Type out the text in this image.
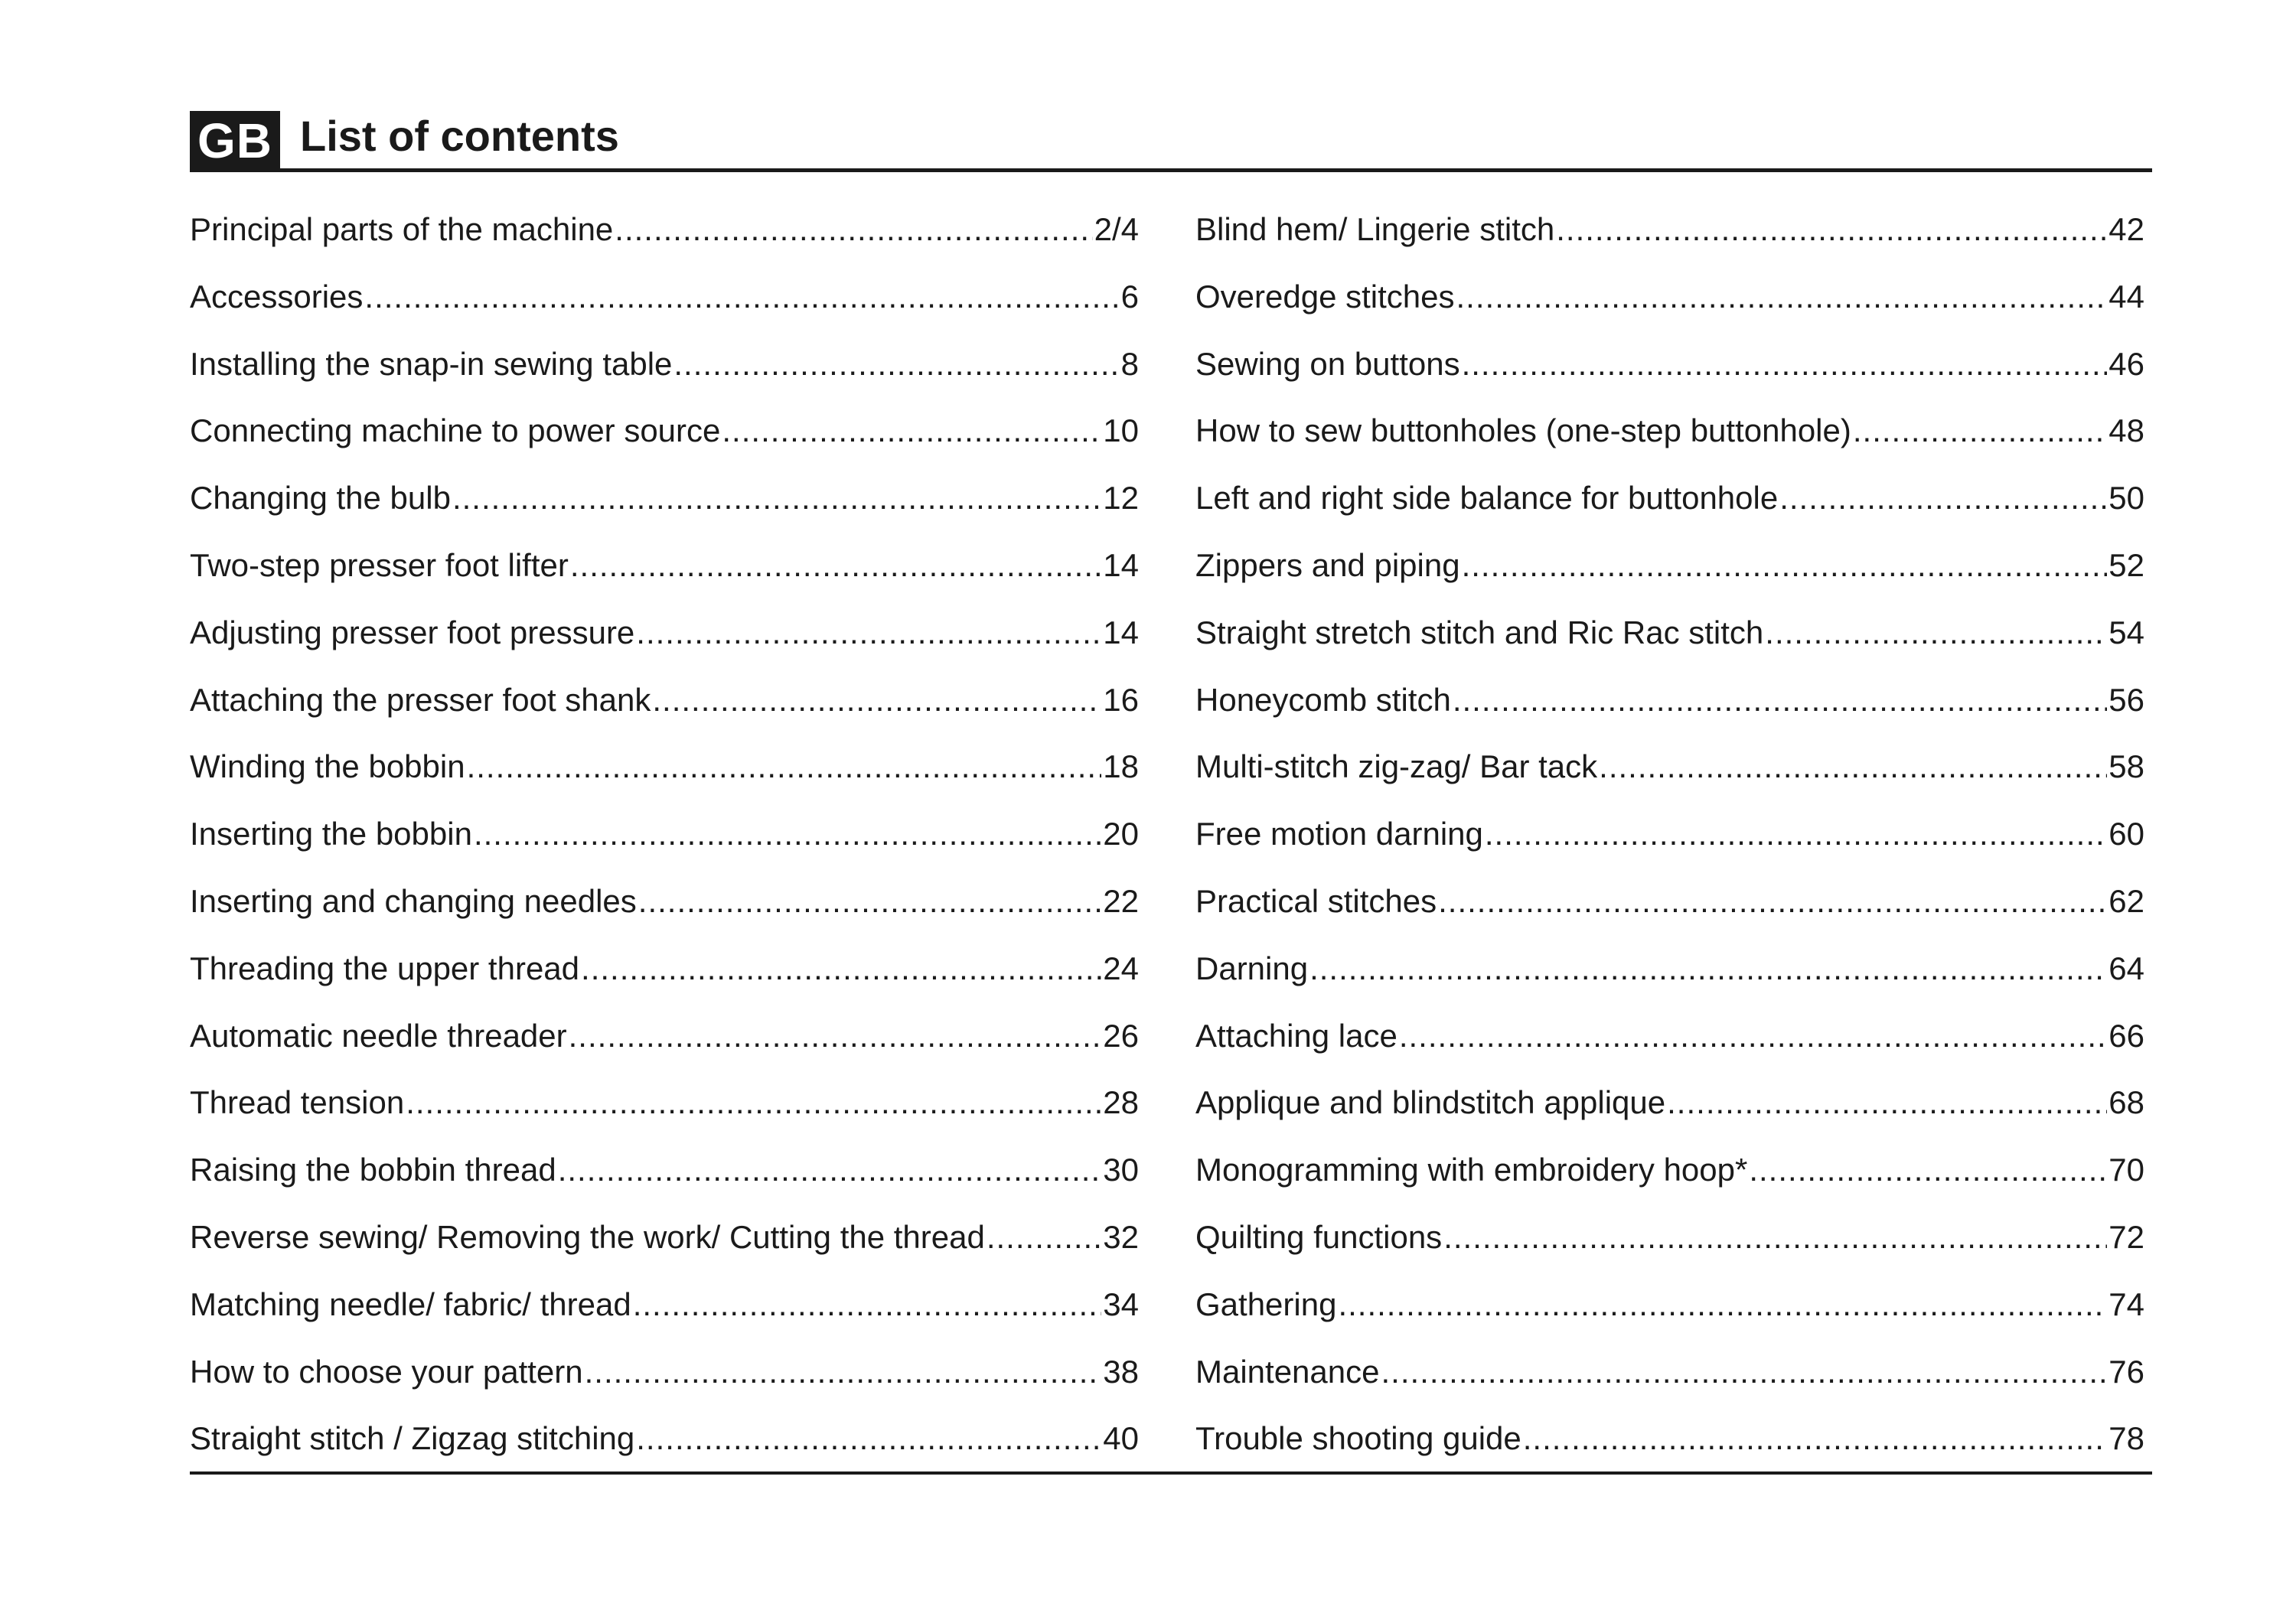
GB List of contents
Principal parts of the machine .....	2/4
Accessories .....	6
Installing the snap-in sewing table .....	8
Connecting machine to power source .....	10
Changing the bulb .....	12
Two-step presser foot lifter .....	14
Adjusting presser foot pressure .....	14
Attaching the presser foot shank .....	16
Winding the bobbin .....	18
Inserting the bobbin .....	20
Inserting and changing needles .....	22
Threading the upper thread .....	24
Automatic needle threader .....	26
Thread tension .....	28
Raising the bobbin thread .....	30
Reverse sewing/ Removing the work/ Cutting the thread .....	32
Matching needle/ fabric/ thread .....	34
How to choose your pattern .....	38
Straight stitch / Zigzag stitching .....	40
Blind hem/ Lingerie stitch .....	42
Overedge stitches .....	44
Sewing on buttons .....	46
How to sew buttonholes (one-step buttonhole) .....	48
Left and right side balance for buttonhole .....	50
Zippers and piping .....	52
Straight stretch stitch and Ric Rac stitch .....	54
Honeycomb stitch .....	56
Multi-stitch zig-zag/ Bar tack .....	58
Free motion darning .....	60
Practical stitches .....	62
Darning .....	64
Attaching lace .....	66
Applique and blindstitch applique .....	68
Monogramming with embroidery hoop* .....	70
Quilting functions .....	72
Gathering .....	74
Maintenance .....	76
Trouble shooting guide .....	78
